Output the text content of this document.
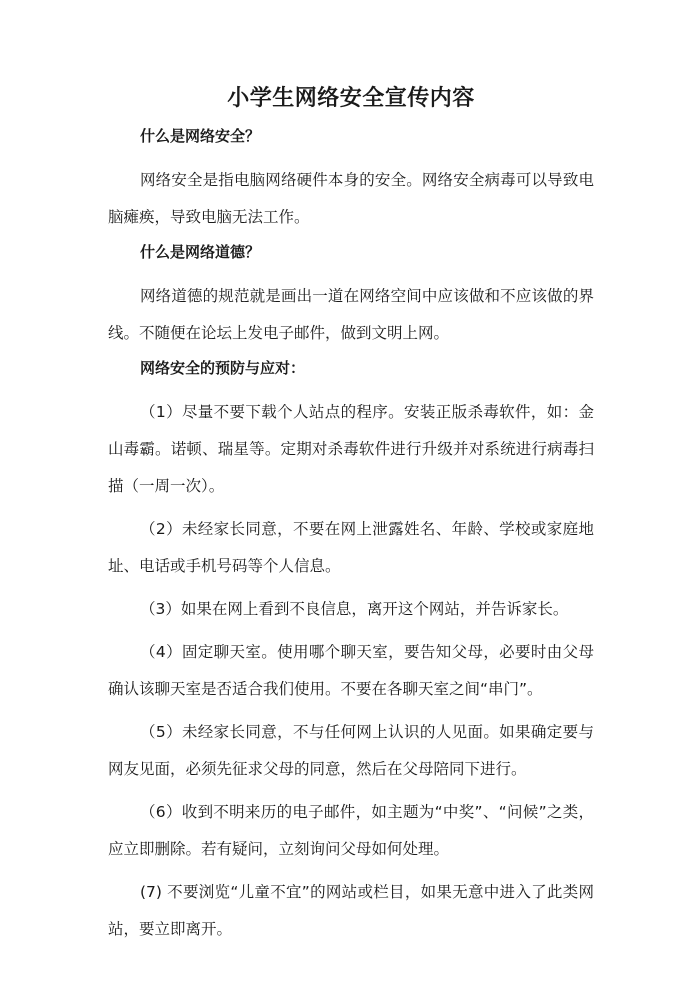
小学生网络安全宣传内容
什么是网络安全？

网络安全是指电脑网络硬件本身的安全。网络安全病毒可以导致电脑瘫痪，导致电脑无法工作。

什么是网络道德？

网络道德的规范就是画出一道在网络空间中应该做和不应该做的界线。不随便在论坛上发电子邮件，做到文明上网。

网络安全的预防与应对：

（1）尽量不要下载个人站点的程序。安装正版杀毒软件，如：金山毒霸。诺顿、瑞星等。定期对杀毒软件进行升级并对系统进行病毒扫描（一周一次）。

（2）未经家长同意，不要在网上泄露姓名、年龄、学校或家庭地址、电话或手机号码等个人信息。

（3）如果在网上看到不良信息，离开这个网站，并告诉家长。

（4）固定聊天室。使用哪个聊天室，要告知父母，必要时由父母确认该聊天室是否适合我们使用。不要在各聊天室之间“串门”。

（5）未经家长同意，不与任何网上认识的人见面。如果确定要与网友见面，必须先征求父母的同意，然后在父母陪同下进行。

（6）收到不明来历的电子邮件，如主题为“中奖”、“问候”之类，应立即删除。若有疑问，立刻询问父母如何处理。

(7) 不要浏览“儿童不宜”的网站或栏目，如果无意中进入了此类网站，要立即离开。
